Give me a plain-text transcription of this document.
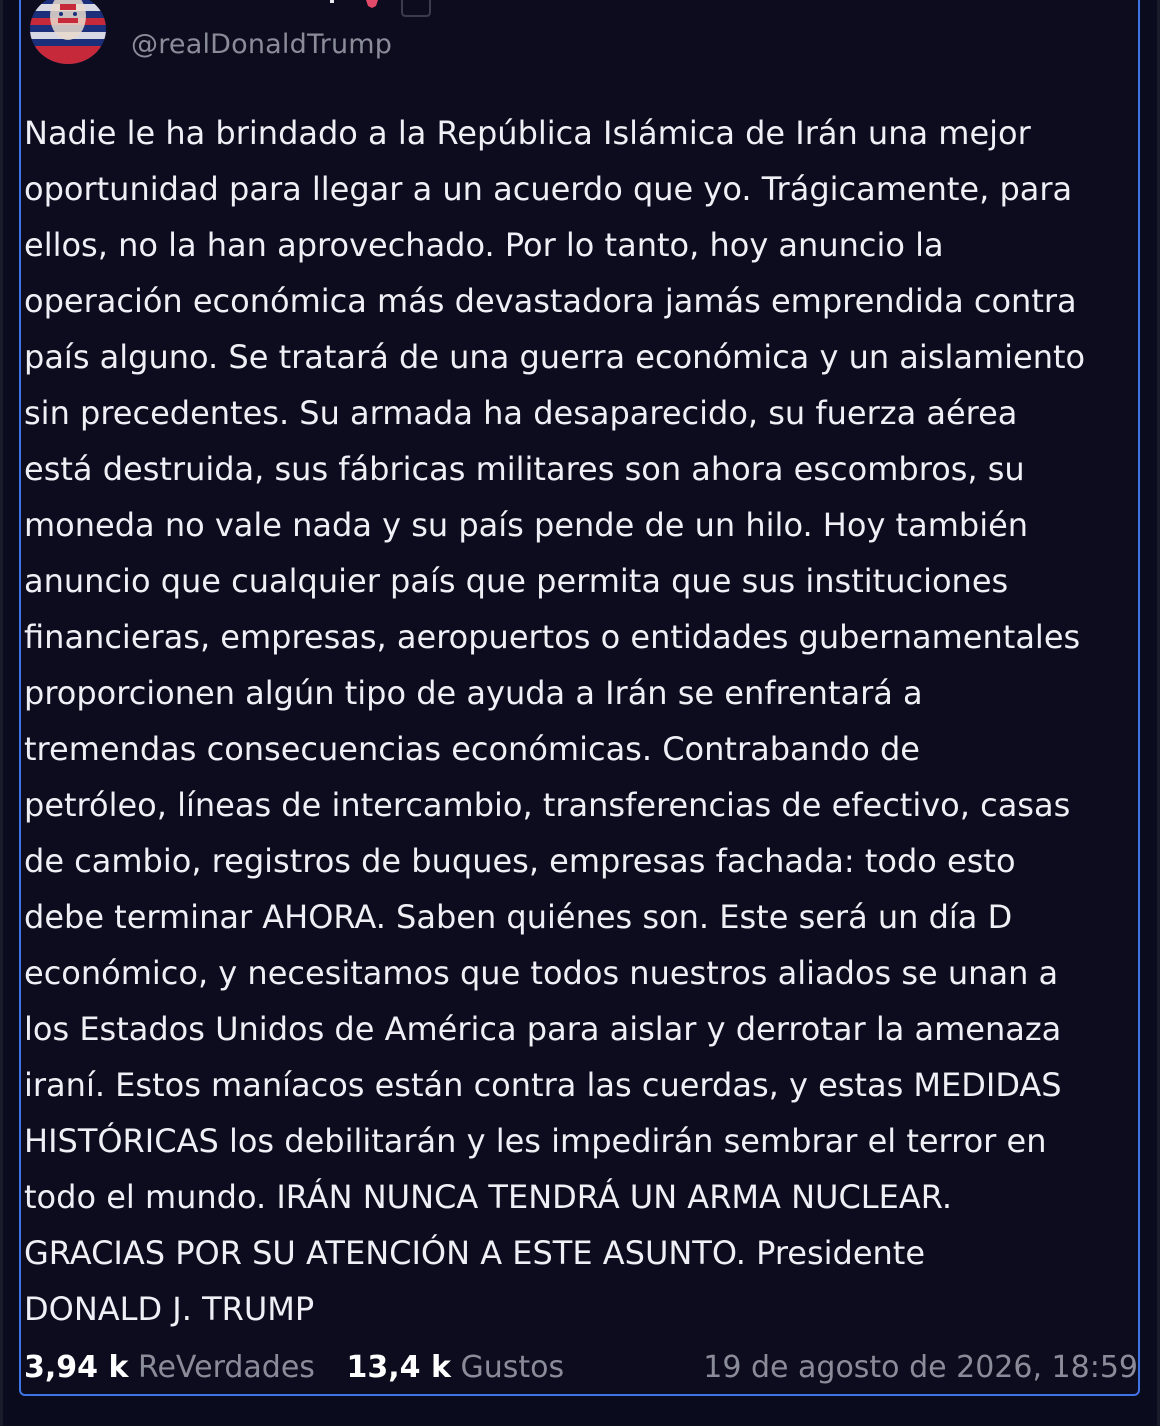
@realDonaldTrump
Nadie le ha brindado a la República Islámica de Irán una mejor
oportunidad para llegar a un acuerdo que yo. Trágicamente, para
ellos, no la han aprovechado. Por lo tanto, hoy anuncio la
operación económica más devastadora jamás emprendida contra
país alguno. Se tratará de una guerra económica y un aislamiento
sin precedentes. Su armada ha desaparecido, su fuerza aérea
está destruida, sus fábricas militares son ahora escombros, su
moneda no vale nada y su país pende de un hilo. Hoy también
anuncio que cualquier país que permita que sus instituciones
financieras, empresas, aeropuertos o entidades gubernamentales
proporcionen algún tipo de ayuda a Irán se enfrentará a
tremendas consecuencias económicas. Contrabando de
petróleo, líneas de intercambio, transferencias de efectivo, casas
de cambio, registros de buques, empresas fachada: todo esto
debe terminar AHORA. Saben quiénes son. Este será un día D
económico, y necesitamos que todos nuestros aliados se unan a
los Estados Unidos de América para aislar y derrotar la amenaza
iraní. Estos maníacos están contra las cuerdas, y estas MEDIDAS
HISTÓRICAS los debilitarán y les impedirán sembrar el terror en
todo el mundo. IRÁN NUNCA TENDRÁ UN ARMA NUCLEAR.
GRACIAS POR SU ATENCIÓN A ESTE ASUNTO. Presidente
DONALD J. TRUMP
3,94 k ReVerdades 13,4 k Gustos	19 de agosto de 2026, 18:59
